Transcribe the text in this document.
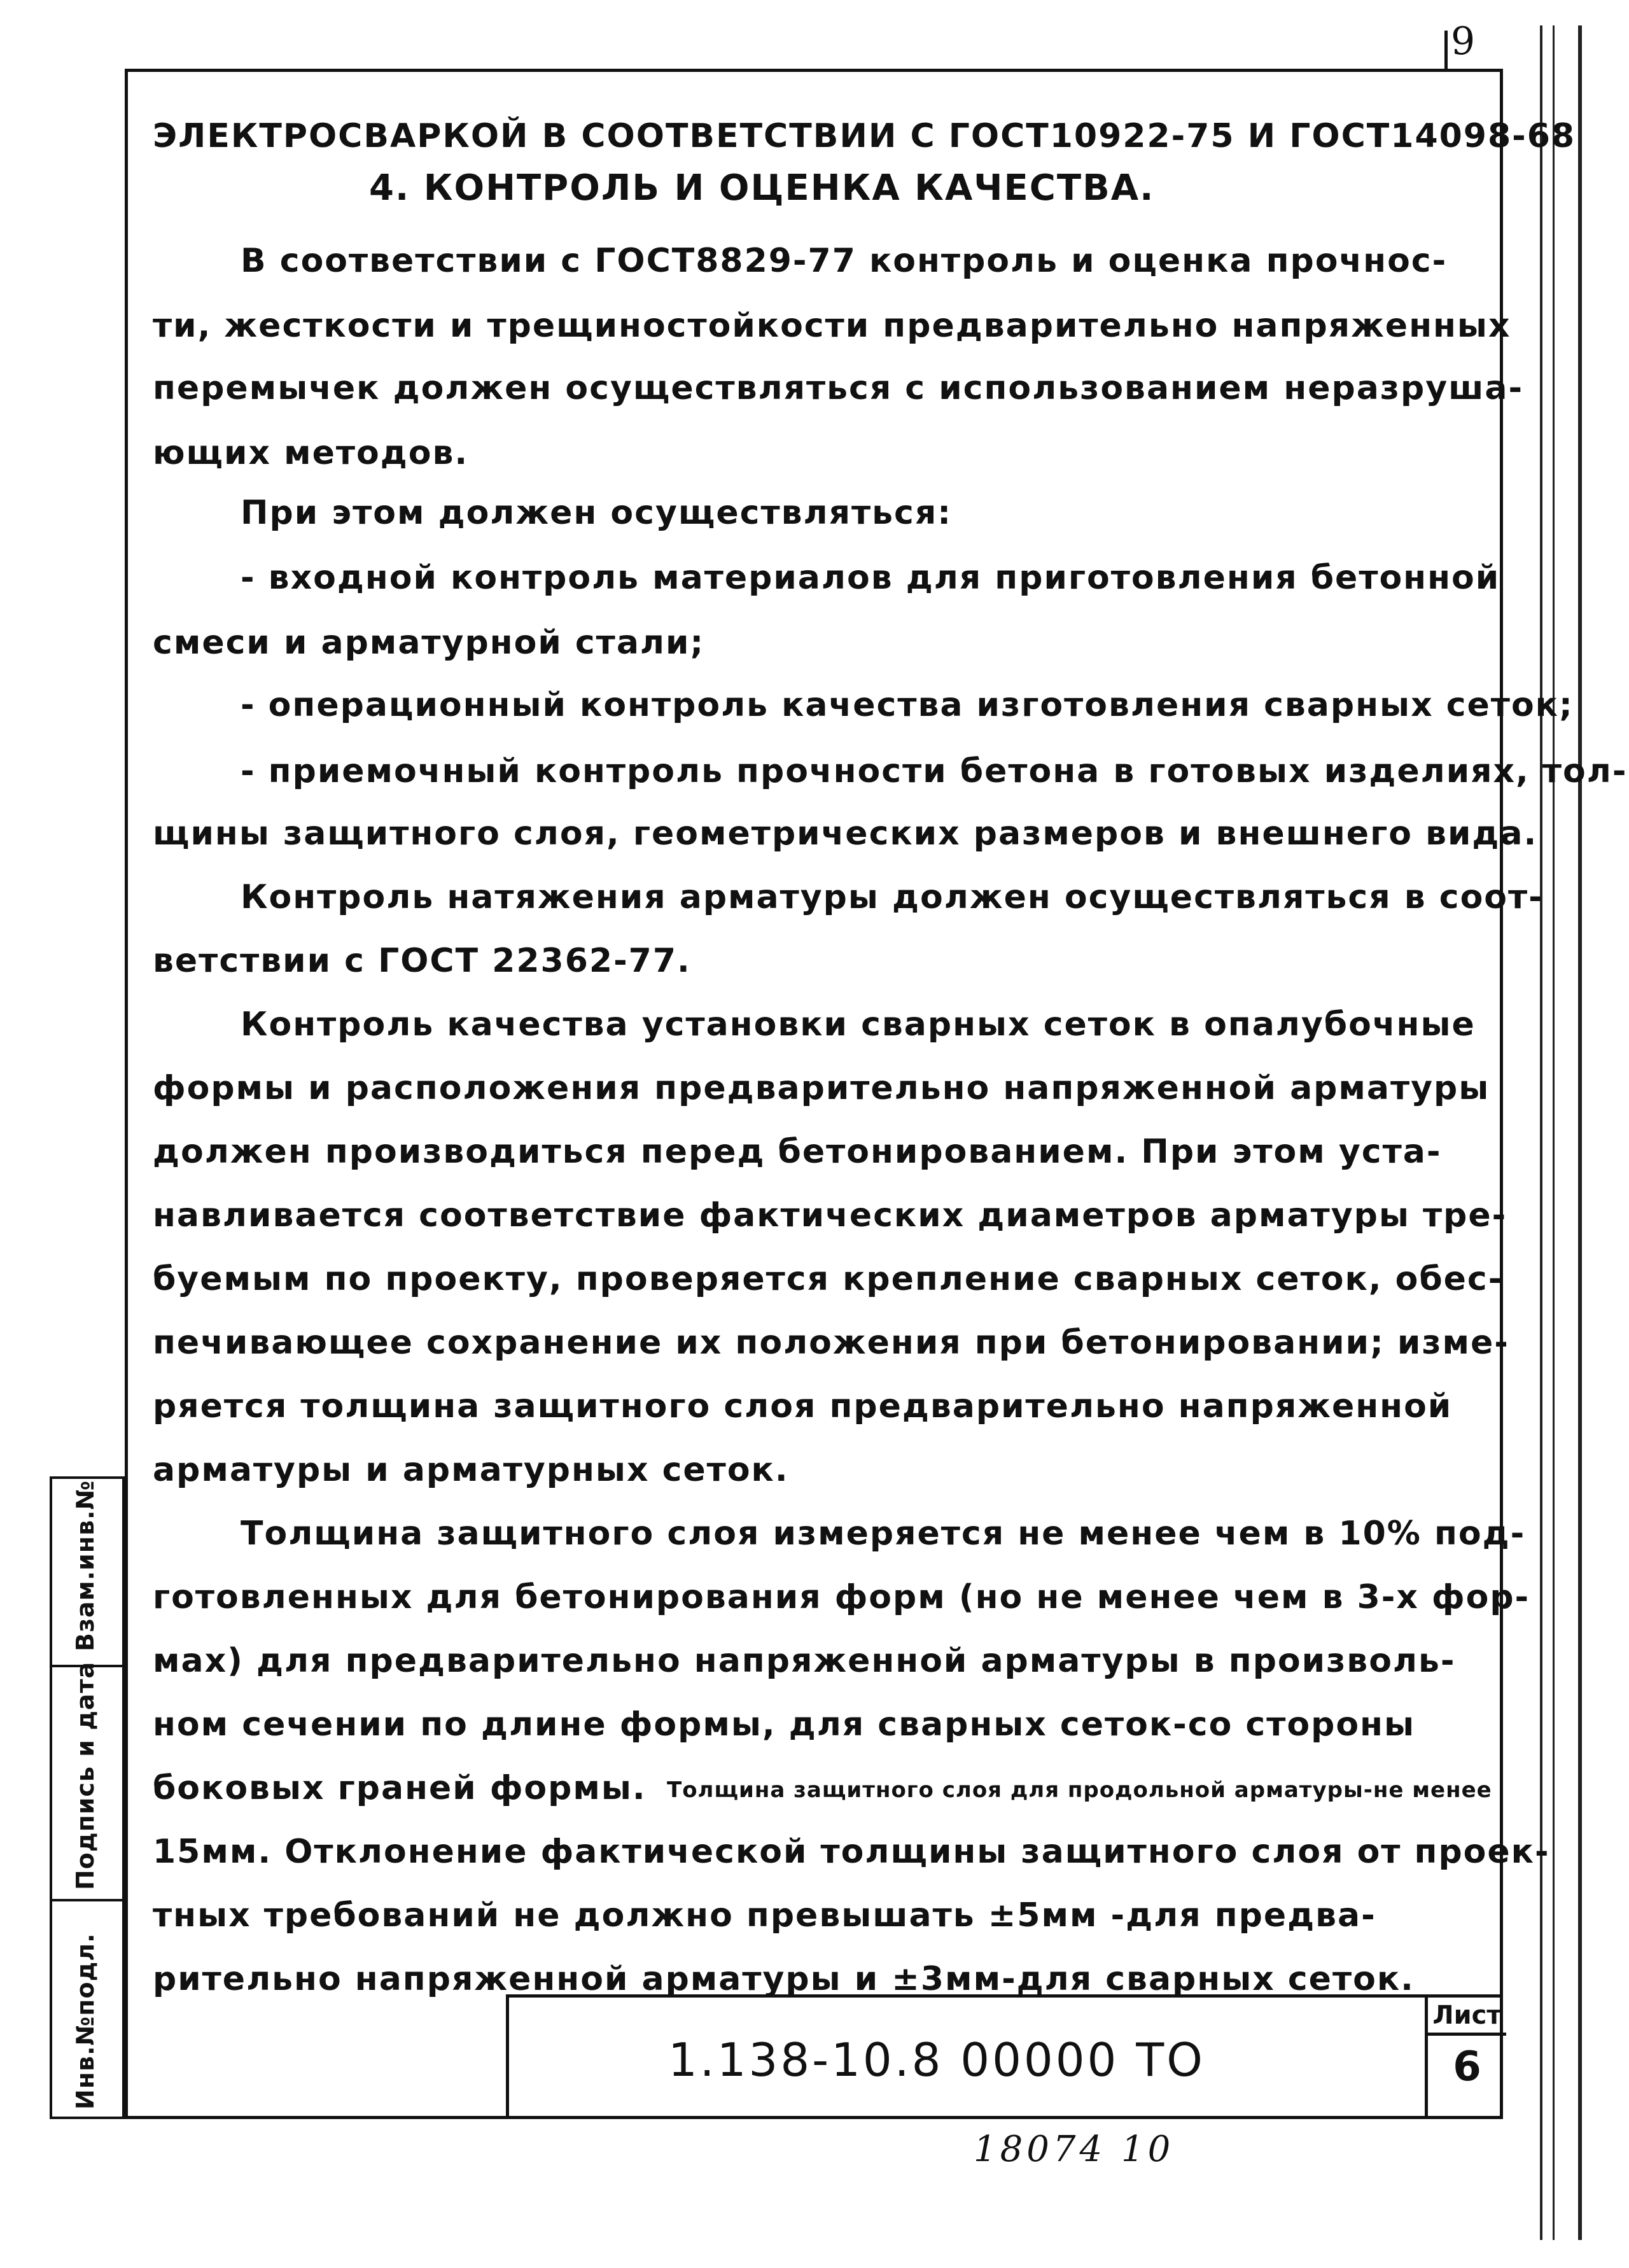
9

ЭЛЕКТРОСВАРКОЙ В СООТВЕТСТВИИ С ГОСТ10922-75 И ГОСТ14098-68

4. КОНТРОЛЬ И ОЦЕНКА КАЧЕСТВА.

В соответствии с ГОСТ8829-77 контроль и оценка прочнос-

ти, жесткости и трещиностойкости предварительно напряженных

перемычек должен осуществляться с использованием неразруша-

ющих методов.

При этом должен осуществляться:

- входной контроль материалов для приготовления бетонной

смеси и арматурной стали;

- операционный контроль качества изготовления сварных сеток;

- приемочный контроль прочности бетона в готовых изделиях, тол-

щины защитного слоя, геометрических размеров и внешнего вида.

Контроль натяжения арматуры должен осуществляться в соот-

ветствии с ГОСТ 22362-77.

Контроль качества установки сварных сеток в опалубочные

формы и расположения предварительно напряженной арматуры

должен производиться перед бетонированием. При этом уста-

навливается соответствие фактических диаметров арматуры тре-

буемым по проекту, проверяется крепление сварных сеток, обес-

печивающее сохранение их положения при бетонировании; изме-

ряется толщина защитного слоя предварительно напряженной

арматуры и арматурных сеток.

Толщина защитного слоя измеряется не менее чем в 10% под-

готовленных для бетонирования форм (но не менее чем в 3-х фор-

мах) для предварительно напряженной арматуры в произволь-

ном сечении по длине формы, для сварных сеток-со стороны

боковых граней формы. Толщина защитного слоя для продольной арматуры-не менее

15мм. Отклонение фактической толщины защитного слоя от проек-

тных требований не должно превышать ±5мм -для предва-

рительно напряженной арматуры и ±3мм-для сварных сеток.

Взам.инв.№
Подпись и дата
Инв.№подл.	1.138-10.8 00000 ТО
Лист
6
18074 10
